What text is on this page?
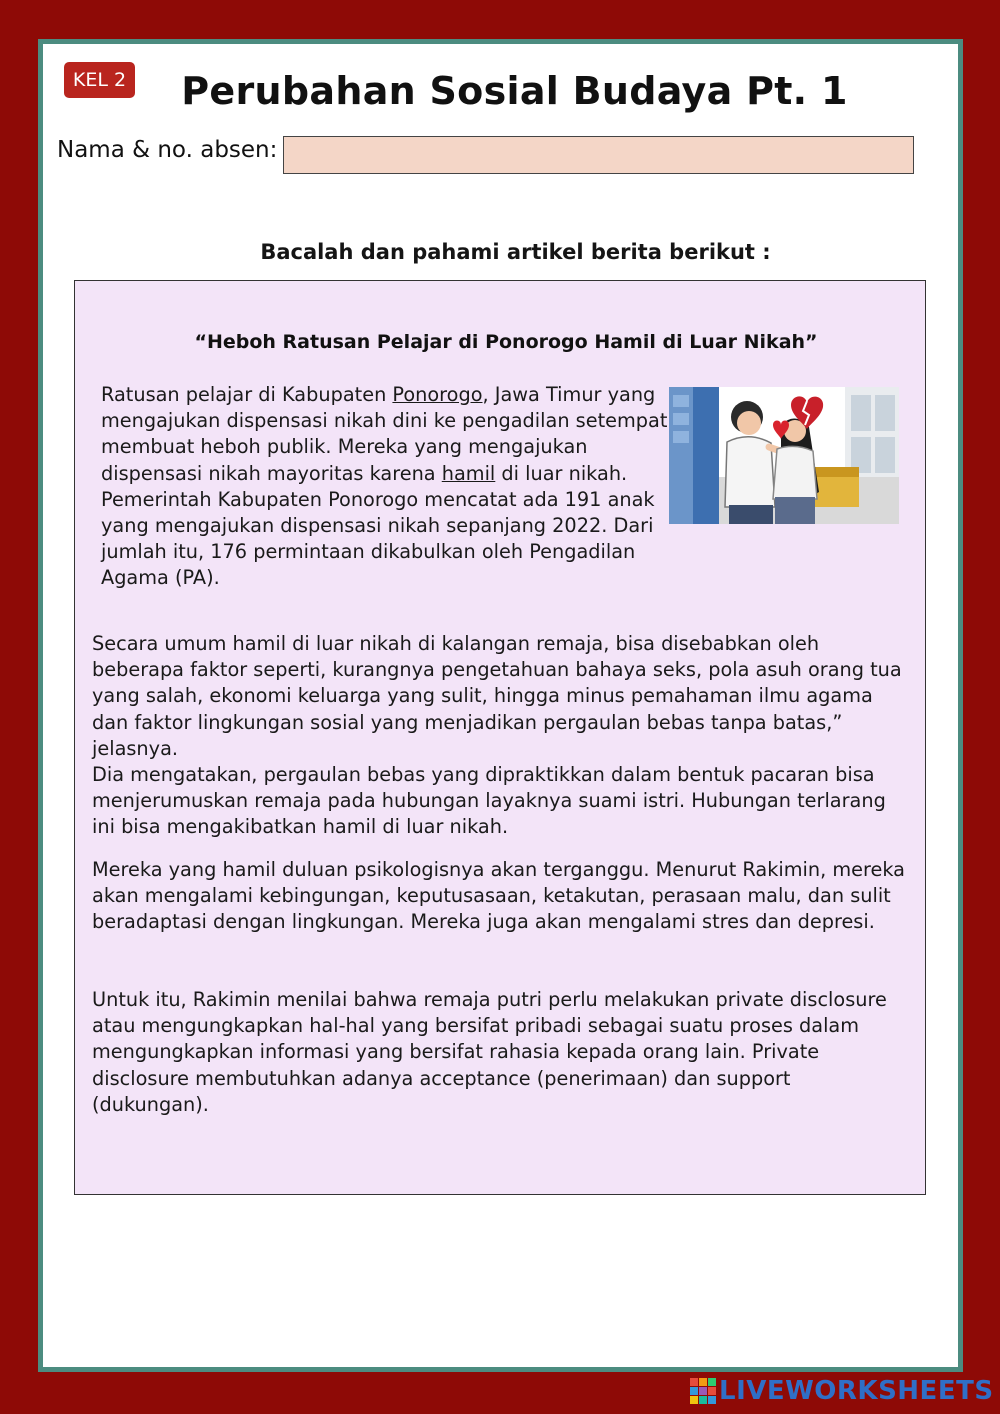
KEL 2	Perubahan Sosial Budaya Pt. 1
Nama & no. absen:
Bacalah dan pahami artikel berita berikut :
“Heboh Ratusan Pelajar di Ponorogo Hamil di Luar Nikah”

Ratusan pelajar di Kabupaten Ponorogo, Jawa Timur yang mengajukan dispensasi nikah dini ke pengadilan setempat membuat heboh publik. Mereka yang mengajukan dispensasi nikah mayoritas karena hamil di luar nikah. Pemerintah Kabupaten Ponorogo mencatat ada 191 anak yang mengajukan dispensasi nikah sepanjang 2022. Dari jumlah itu, 176 permintaan dikabulkan oleh Pengadilan Agama (PA).

Secara umum hamil di luar nikah di kalangan remaja, bisa disebabkan oleh beberapa faktor seperti, kurangnya pengetahuan bahaya seks, pola asuh orang tua yang salah, ekonomi keluarga yang sulit, hingga minus pemahaman ilmu agama dan faktor lingkungan sosial yang menjadikan pergaulan bebas tanpa batas,” jelasnya.
Dia mengatakan, pergaulan bebas yang dipraktikkan dalam bentuk pacaran bisa menjerumuskan remaja pada hubungan layaknya suami istri. Hubungan terlarang ini bisa mengakibatkan hamil di luar nikah.

Mereka yang hamil duluan psikologisnya akan terganggu. Menurut Rakimin, mereka akan mengalami kebingungan, keputusasaan, ketakutan, perasaan malu, dan sulit beradaptasi dengan lingkungan. Mereka juga akan mengalami stres dan depresi.

Untuk itu, Rakimin menilai bahwa remaja putri perlu melakukan private disclosure atau mengungkapkan hal-hal yang bersifat pribadi sebagai suatu proses dalam mengungkapkan informasi yang bersifat rahasia kepada orang lain. Private disclosure membutuhkan adanya acceptance (penerimaan) dan support (dukungan).

LIVEWORKSHEETS
